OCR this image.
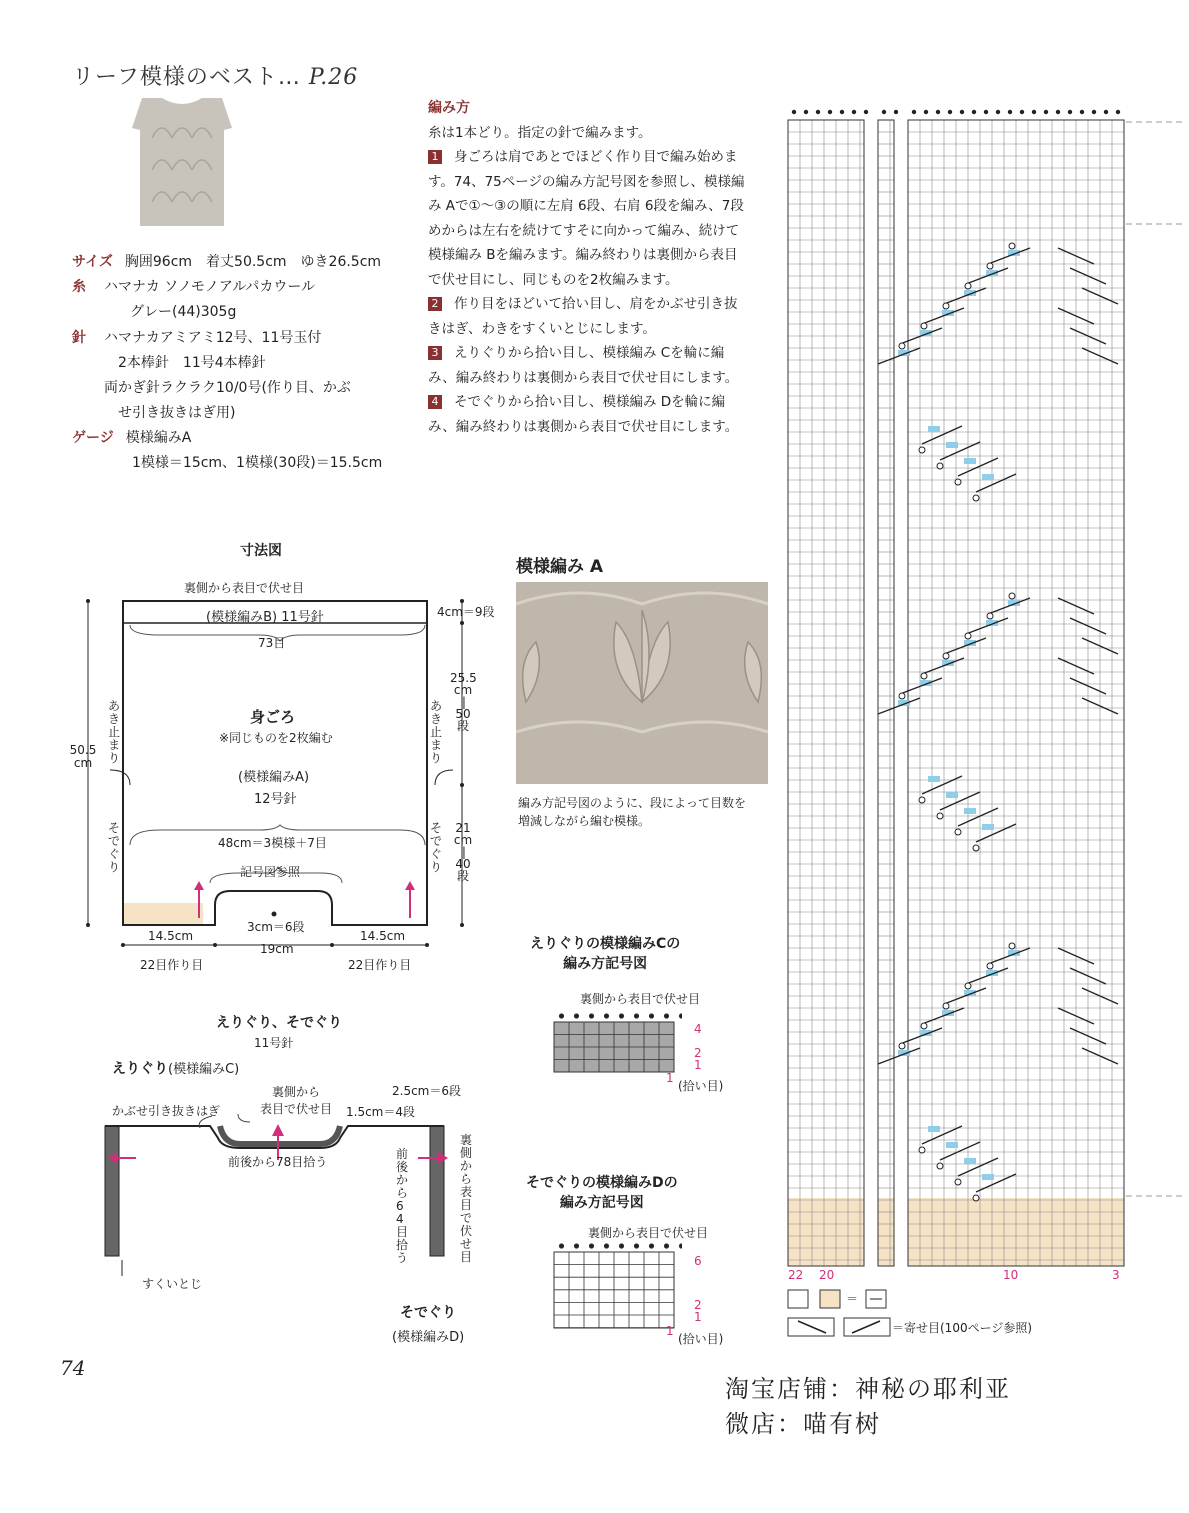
リーフ模様のベスト… P.26
サイズ 胸囲96cm　着丈50.5cm　ゆき26.5cm
糸 ハマナカ ソノモノアルパカウール
グレー(44)305g
針 ハマナカアミアミ12号、11号玉付
2本棒針　11号4本棒針
両かぎ針ラクラク10/0号(作り目、かぶ
せ引き抜きはぎ用)
ゲージ 模様編みA
1模様＝15cm、1模様(30段)＝15.5cm
編み方

糸は1本どり。指定の針で編みます。

1 身ごろは肩であとでほどく作り目で編み始めます。74、75ページの編み方記号図を参照し、模様編み Aで①〜③の順に左肩 6段、右肩 6段を編み、7段めからは左右を続けてすそに向かって編み、続けて模様編み Bを編みます。編み終わりは裏側から表目で伏せ目にし、同じものを2枚編みます。

2 作り目をほどいて拾い目し、肩をかぶせ引き抜きはぎ、わきをすくいとじにします。

3 えりぐりから拾い目し、模様編み Cを輪に編み、編み終わりは裏側から表目で伏せ目にします。

4 そでぐりから拾い目し、模様編み Dを輪に編み、編み終わりは裏側から表目で伏せ目にします。

寸法図
裏側から表目で伏せ目
(模様編みB) 11号針	4cm＝9段
73目
25.5
cm
‖
50
段
50.5
cm
あき止まり
あき止まり
そでぐり
そでぐり
身ごろ
※同じものを2枚編む
(模様編みA)
12号針
48cm＝3模様＋7目
21
cm
‖
40
段
記号図参照
3cm＝6段
14.5cm
22目作り目
19cm
14.5cm
22目作り目
模様編み A
編み方記号図のように、段によって目数を
増減しながら編む模様。
えりぐり、そでぐり
11号針
えりぐり(模様編みC)
裏側から
表目で伏せ目
かぶせ引き抜きはぎ	1.5cm＝4段
2.5cm＝6段
前後から78目拾う
前後から64目拾う
裏側から表目で伏せ目
すくいとじ
そでぐり
(模様編みD)
えりぐりの模様編みCの
編み方記号図
裏側から表目で伏せ目
4
2
1
1
(拾い目)
そでぐりの模様編みDの
編み方記号図
裏側から表目で伏せ目
6
2
1
1
(拾い目)
22 20	10	3
＝
＝寄せ目(100ページ参照)
74
淘宝店铺：神秘の耶利亚
微店：喵有树
